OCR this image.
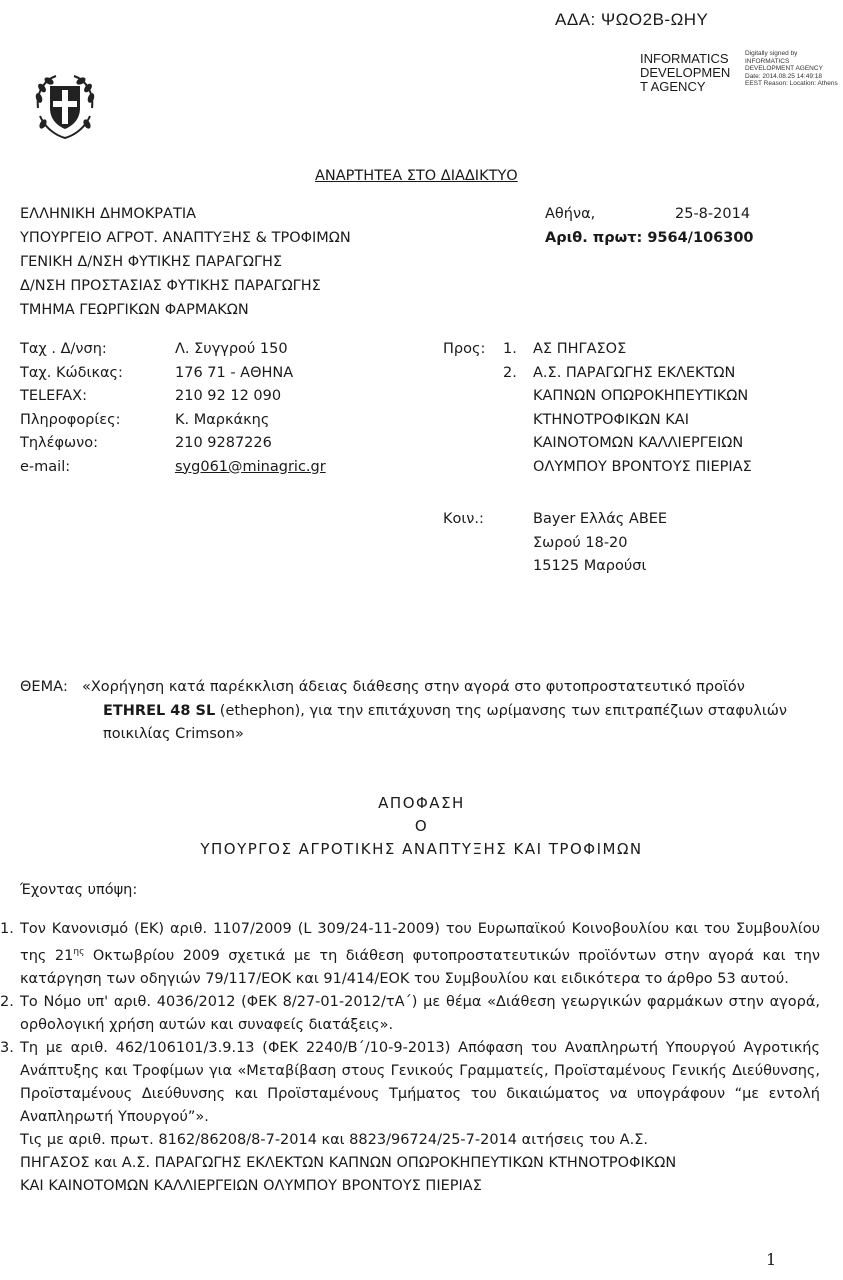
ΑΔΑ: ΨΩΟ2Β-ΩΗΥ
INFORMATICS DEVELOPMEN T AGENCY
Digitally signed by INFORMATICS DEVELOPMENT AGENCY Date: 2014.08.25 14:49:18 EEST Reason: Location: Athens
ΑΝΑΡΤΗΤΕΑ ΣΤΟ ΔΙΑΔΙΚΤΥΟ
ΕΛΛΗΝΙΚΗ ΔΗΜΟΚΡΑΤΙΑ
ΥΠΟΥΡΓΕΙΟ ΑΓΡΟΤ. ΑΝΑΠΤΥΞΗΣ & ΤΡΟΦΙΜΩΝ
ΓΕΝΙΚΗ Δ/ΝΣΗ ΦΥΤΙΚΗΣ ΠΑΡΑΓΩΓΗΣ
Δ/ΝΣΗ ΠΡΟΣΤΑΣΙΑΣ ΦΥΤΙΚΗΣ ΠΑΡΑΓΩΓΗΣ
ΤΜΗΜΑ ΓΕΩΡΓΙΚΩΝ ΦΑΡΜΑΚΩΝ
Αθήνα,	25-8-2014
Αριθ. πρωτ: 9564/106300
Ταχ . Δ/νση:	Λ. Συγγρού 150
Ταχ. Κώδικας:	176 71 - ΑΘΗΝΑ
TELEFAX:	210 92 12 090
Πληροφορίες:	Κ. Μαρκάκης
Τηλέφωνο:	210 9287226
e-mail:	syg061@minagric.gr
Προς:	1.	ΑΣ ΠΗΓΑΣΟΣ
2.	Α.Σ. ΠΑΡΑΓΩΓΗΣ ΕΚΛΕΚΤΩΝ
ΚΑΠΝΩΝ ΟΠΩΡΟΚΗΠΕΥΤΙΚΩΝ
ΚΤΗΝΟΤΡΟΦΙΚΩΝ ΚΑΙ
ΚΑΙΝΟΤΟΜΩΝ ΚΑΛΛΙΕΡΓΕΙΩΝ
ΟΛΥΜΠΟΥ ΒΡΟΝΤΟΥΣ ΠΙΕΡΙΑΣ
Κοιν.:	Bayer Ελλάς ΑΒΕΕ
Σωρού 18-20
15125 Μαρούσι
ΘΕΜΑ: «Χορήγηση κατά παρέκκλιση άδειας διάθεσης στην αγορά στο φυτοπροστατευτικό προϊόν
ETHREL 48 SL (ethephon), για την επιτάχυνση της ωρίμανσης των επιτραπέζιων σταφυλιών
ποικιλίας Crimson»
ΑΠΟΦΑΣΗ
Ο
ΥΠΟΥΡΓΟΣ ΑΓΡΟΤΙΚΗΣ ΑΝΑΠΤΥΞΗΣ ΚΑΙ ΤΡΟΦΙΜΩΝ
Έχοντας υπόψη:
1. Τον Κανονισμό (ΕΚ) αριθ. 1107/2009 (L 309/24-11-2009) του Ευρωπαϊκού Κοινοβουλίου και του Συμβουλίου της $21^{\eta\varsigma}$ Οκτωβρίου 2009 σχετικά με τη διάθεση φυτοπροστατευτικών προϊόντων στην αγορά και την κατάργηση των οδηγιών 79/117/ΕΟΚ και 91/414/ΕΟΚ του Συμβουλίου και ειδικότερα το άρθρο 53 αυτού.
2. Το Νόμο υπ' αριθ. 4036/2012 (ΦΕΚ 8/27-01-2012/τΑ΄) με θέμα «Διάθεση γεωργικών φαρμάκων στην αγορά, ορθολογική χρήση αυτών και συναφείς διατάξεις».
3. Τη με αριθ. 462/106101/3.9.13 (ΦΕΚ 2240/Β΄/10-9-2013) Απόφαση του Αναπληρωτή Υπουργού Αγροτικής Ανάπτυξης και Τροφίμων για «Μεταβίβαση στους Γενικούς Γραμματείς, Προϊσταμένους Γενικής Διεύθυνσης, Προϊσταμένους Διεύθυνσης και Προϊσταμένους Τμήματος του δικαιώματος να υπογράφουν “με εντολή Αναπληρωτή Υπουργού”».
Τις με αριθ. πρωτ. 8162/86208/8-7-2014 και 8823/96724/25-7-2014 αιτήσεις του Α.Σ.
ΠΗΓΑΣΟΣ και Α.Σ. ΠΑΡΑΓΩΓΗΣ ΕΚΛΕΚΤΩΝ ΚΑΠΝΩΝ ΟΠΩΡΟΚΗΠΕΥΤΙΚΩΝ ΚΤΗΝΟΤΡΟΦΙΚΩΝ
ΚΑΙ ΚΑΙΝΟΤΟΜΩΝ ΚΑΛΛΙΕΡΓΕΙΩΝ ΟΛΥΜΠΟΥ ΒΡΟΝΤΟΥΣ ΠΙΕΡΙΑΣ
1
